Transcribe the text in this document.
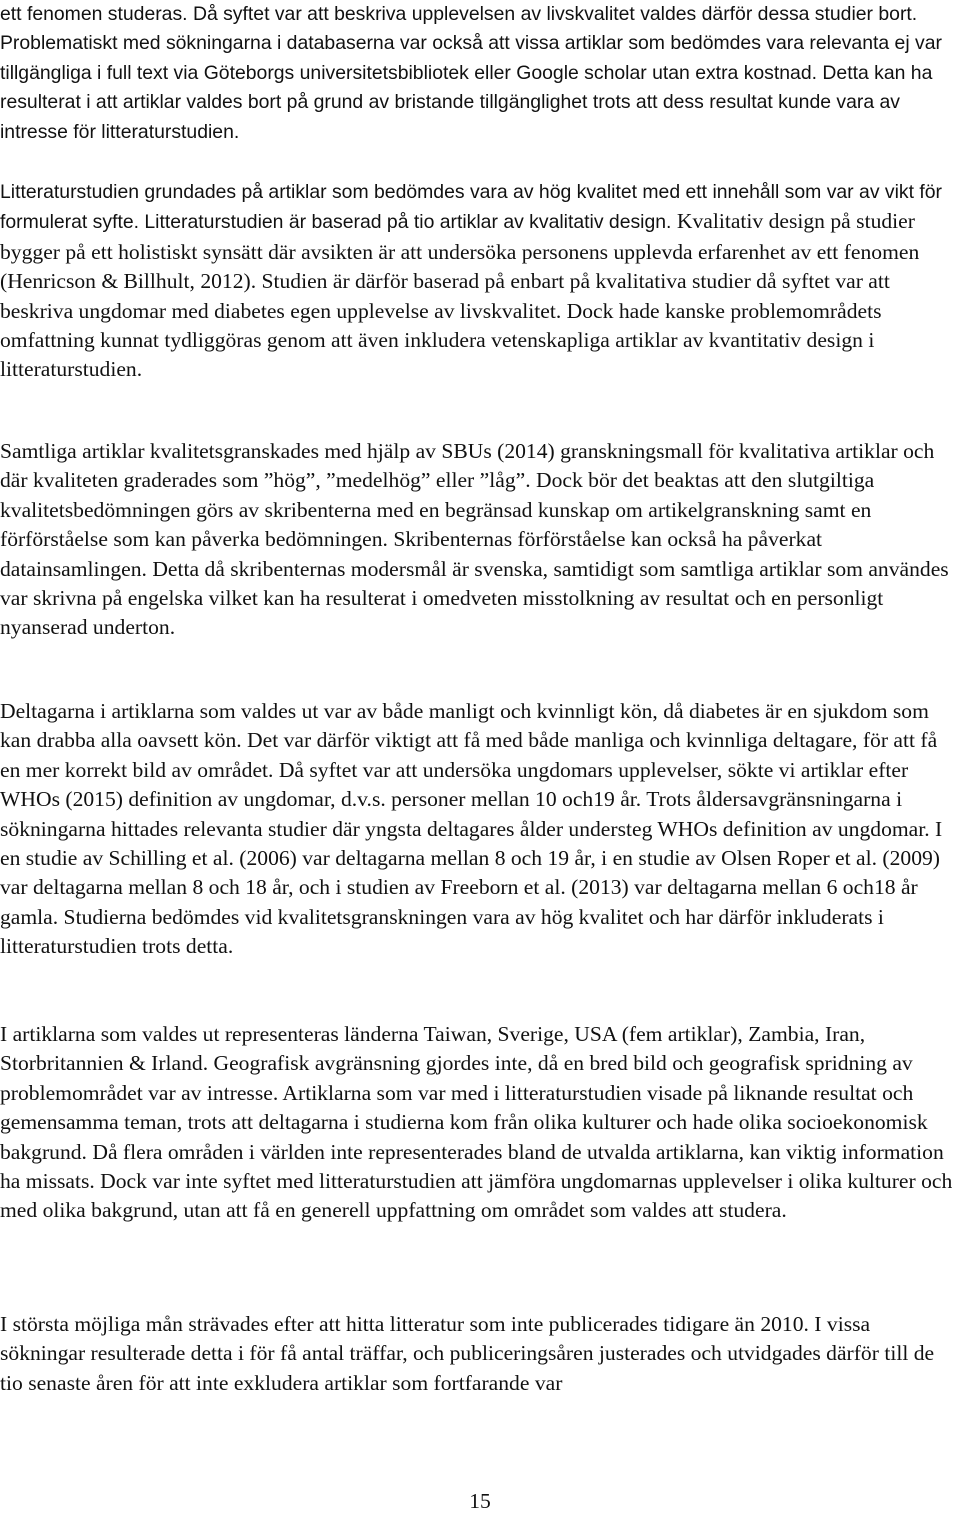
ett fenomen studeras. Då syftet var att beskriva upplevelsen av livskvalitet valdes därför dessa studier bort. Problematiskt med sökningarna i databaserna var också att vissa artiklar som bedömdes vara relevanta ej var tillgängliga i full text via Göteborgs universitetsbibliotek eller Google scholar utan extra kostnad. Detta kan ha resulterat i att artiklar valdes bort på grund av bristande tillgänglighet trots att dess resultat kunde vara av intresse för litteraturstudien.

Litteraturstudien grundades på artiklar som bedömdes vara av hög kvalitet med ett innehåll som var av vikt för formulerat syfte. Litteraturstudien är baserad på tio artiklar av kvalitativ design. Kvalitativ design på studier bygger på ett holistiskt synsätt där avsikten är att undersöka personens upplevda erfarenhet av ett fenomen (Henricson & Billhult, 2012). Studien är därför baserad på enbart på kvalitativa studier då syftet var att beskriva ungdomar med diabetes egen upplevelse av livskvalitet. Dock hade kanske problemområdets omfattning kunnat tydliggöras genom att även inkludera vetenskapliga artiklar av kvantitativ design i litteraturstudien.

Samtliga artiklar kvalitetsgranskades med hjälp av SBUs (2014) granskningsmall för kvalitativa artiklar och där kvaliteten graderades som ”hög”, ”medelhög” eller ”låg”. Dock bör det beaktas att den slutgiltiga kvalitetsbedömningen görs av skribenterna med en begränsad kunskap om artikelgranskning samt en förförståelse som kan påverka bedömningen. Skribenternas förförståelse kan också ha påverkat datainsamlingen. Detta då skribenternas modersmål är svenska, samtidigt som samtliga artiklar som användes var skrivna på engelska vilket kan ha resulterat i omedveten misstolkning av resultat och en personligt nyanserad underton.

Deltagarna i artiklarna som valdes ut var av både manligt och kvinnligt kön, då diabetes är en sjukdom som kan drabba alla oavsett kön. Det var därför viktigt att få med både manliga och kvinnliga deltagare, för att få en mer korrekt bild av området. Då syftet var att undersöka ungdomars upplevelser, sökte vi artiklar efter WHOs (2015) definition av ungdomar, d.v.s. personer mellan 10 och19 år. Trots åldersavgränsningarna i sökningarna hittades relevanta studier där yngsta deltagares ålder understeg WHOs definition av ungdomar. I en studie av Schilling et al. (2006) var deltagarna mellan 8 och 19 år, i en studie av Olsen Roper et al. (2009) var deltagarna mellan 8 och 18 år, och i studien av Freeborn et al. (2013) var deltagarna mellan 6 och18 år gamla. Studierna bedömdes vid kvalitetsgranskningen vara av hög kvalitet och har därför inkluderats i litteraturstudien trots detta.

I artiklarna som valdes ut representeras länderna Taiwan, Sverige, USA (fem artiklar), Zambia, Iran, Storbritannien & Irland. Geografisk avgränsning gjordes inte, då en bred bild och geografisk spridning av problemområdet var av intresse. Artiklarna som var med i litteraturstudien visade på liknande resultat och gemensamma teman, trots att deltagarna i studierna kom från olika kulturer och hade olika socioekonomisk bakgrund. Då flera områden i världen inte representerades bland de utvalda artiklarna, kan viktig information ha missats. Dock var inte syftet med litteraturstudien att jämföra ungdomarnas upplevelser i olika kulturer och med olika bakgrund, utan att få en generell uppfattning om området som valdes att studera.

I största möjliga mån strävades efter att hitta litteratur som inte publicerades tidigare än 2010. I vissa sökningar resulterade detta i för få antal träffar, och publiceringsåren justerades och utvidgades därför till de tio senaste åren för att inte exkludera artiklar som fortfarande var

15
